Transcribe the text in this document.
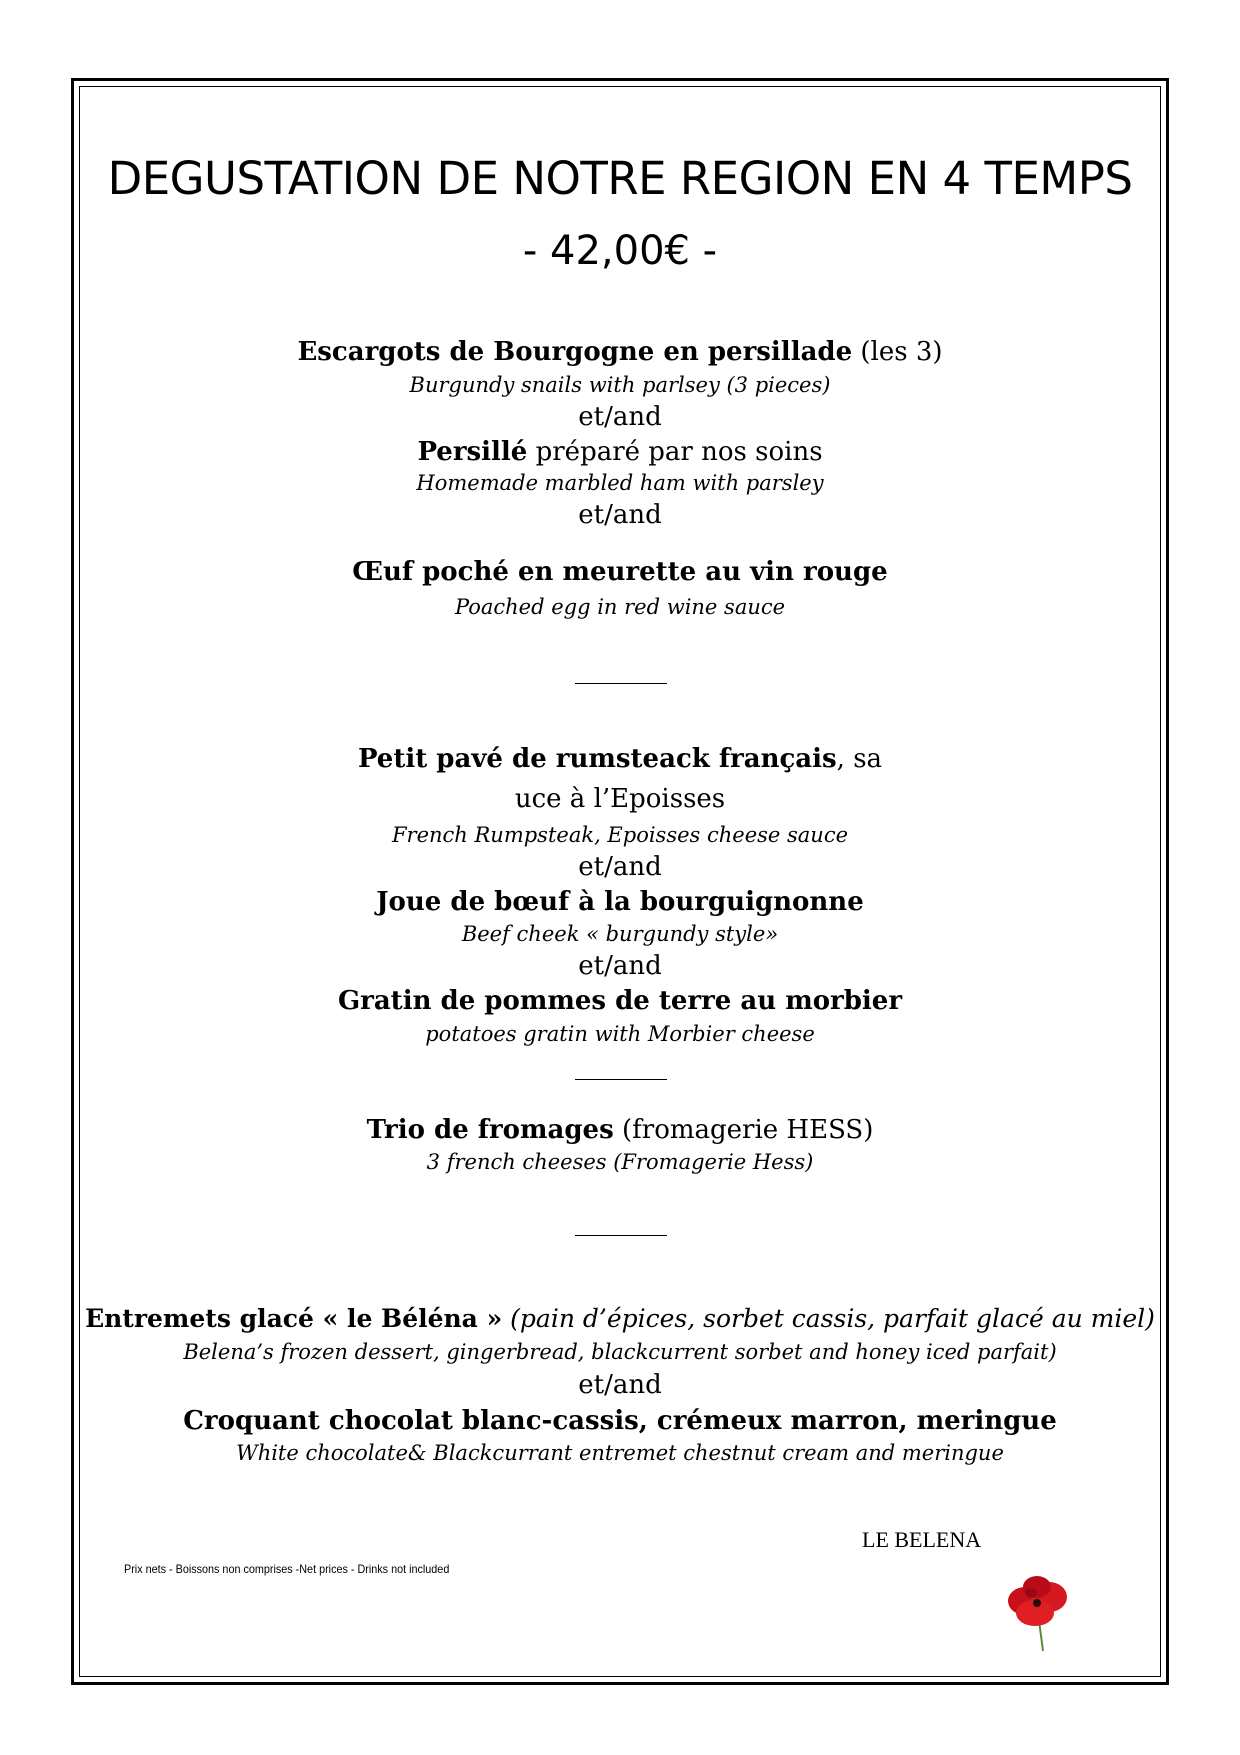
DEGUSTATION DE NOTRE REGION EN 4 TEMPS
- 42,00€ -
Escargots de Bourgogne en persillade (les 3)
Burgundy snails with parlsey (3 pieces)
et/and
Persillé préparé par nos soins
Homemade marbled ham with parsley
et/and
Œuf poché en meurette au vin rouge
Poached egg in red wine sauce
Petit pavé de rumsteack français, sa
uce à l’Epoisses
French Rumpsteak, Epoisses cheese sauce
et/and
Joue de bœuf à la bourguignonne
Beef cheek « burgundy style»
et/and
Gratin de pommes de terre au morbier
potatoes gratin with Morbier cheese
Trio de fromages (fromagerie HESS)
3 french cheeses (Fromagerie Hess)
Entremets glacé « le Béléna » (pain d’épices, sorbet cassis, parfait glacé au miel)
Belena’s frozen dessert, gingerbread, blackcurrent sorbet and honey iced parfait)
et/and
Croquant chocolat blanc-cassis, crémeux marron, meringue
White chocolate& Blackcurrant entremet chestnut cream and meringue
LE BELENA
Prix nets - Boissons non comprises -Net prices - Drinks not included
